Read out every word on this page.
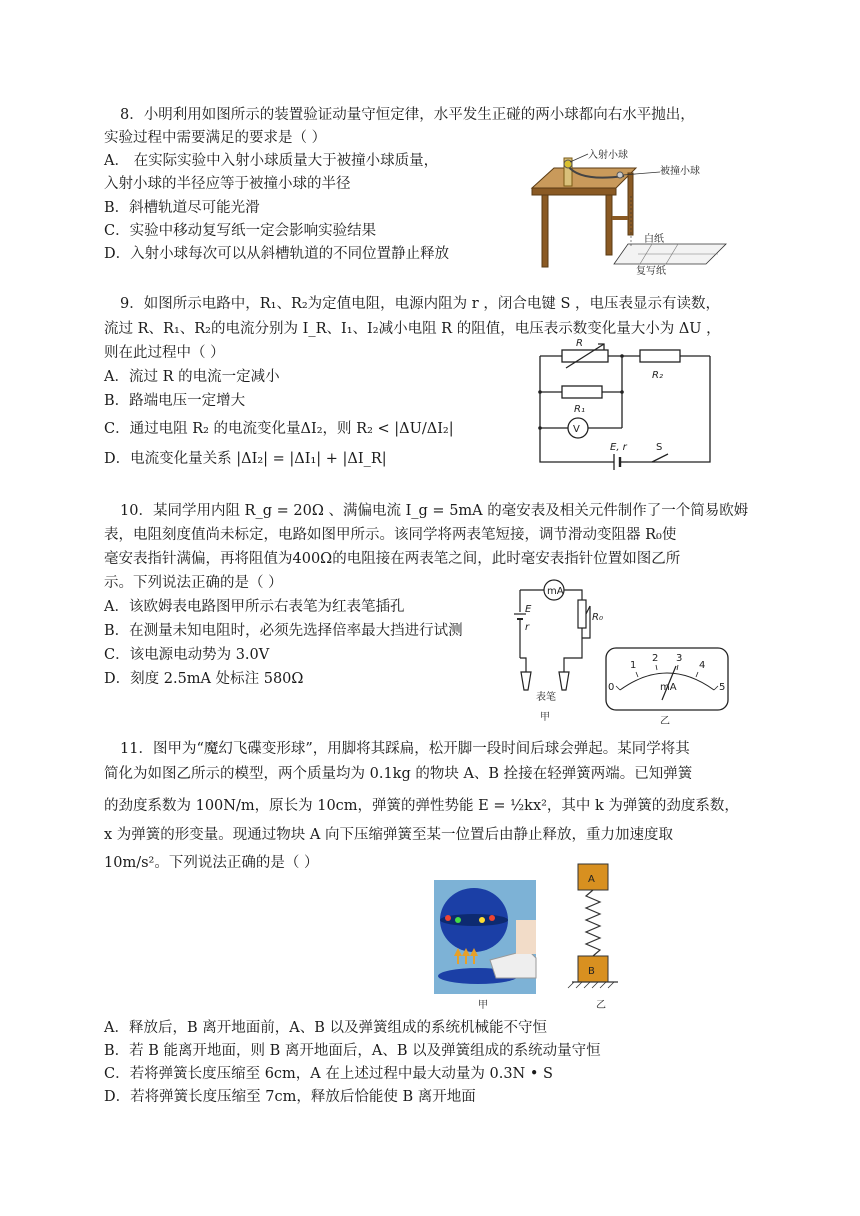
8．小明利用如图所示的装置验证动量守恒定律，水平发生正碰的两小球都向右水平抛出，
实验过程中需要满足的要求是（ ）
A． 在实际实验中入射小球质量大于被撞小球质量，
入射小球的半径应等于被撞小球的半径
B．斜槽轨道尽可能光滑
C．实验中移动复写纸一定会影响实验结果
D．入射小球每次可以从斜槽轨道的不同位置静止释放
入射小球
被撞小球
白纸
复写纸
9．如图所示电路中，R₁、R₂为定值电阻，电源内阻为 r ，闭合电键 S ，电压表显示有读数，
流过 R、R₁、R₂的电流分别为 I_R、I₁、I₂减小电阻 R 的阻值，电压表示数变化量大小为 ΔU ，
则在此过程中（ ）
A．流过 R 的电流一定减小
B．路端电压一定增大
C．通过电阻 R₂ 的电流变化量ΔI₂，则 R₂ < |ΔU/ΔI₂|
D．电流变化量关系 |ΔI₂| = |ΔI₁| + |ΔI_R|
R
R₂
R₁
V
E, r	S
10．某同学用内阻 R_g = 20Ω 、满偏电流 I_g = 5mA 的毫安表及相关元件制作了一个简易欧姆
表，电阻刻度值尚未标定，电路如图甲所示。该同学将两表笔短接，调节滑动变阻器 R₀使
毫安表指针满偏，再将阻值为400Ω的电阻接在两表笔之间，此时毫安表指针位置如图乙所
示。下列说法正确的是（ ）
A．该欧姆表电路图甲所示右表笔为红表笔插孔
B．在测量未知电阻时，必须先选择倍率最大挡进行试测
C．该电源电动势为 3.0V
D．刻度 2.5mA 处标注 580Ω
mA
E
r
R₀
表笔
甲
0
1
2 3
4
5
mA
乙
11．图甲为“魔幻飞碟变形球”，用脚将其踩扁，松开脚一段时间后球会弹起。某同学将其
简化为如图乙所示的模型，两个质量均为 0.1kg 的物块 A、B 拴接在轻弹簧两端。已知弹簧
的劲度系数为 100N/m，原长为 10cm，弹簧的弹性势能 E = ½kx²，其中 k 为弹簧的劲度系数，
x 为弹簧的形变量。现通过物块 A 向下压缩弹簧至某一位置后由静止释放，重力加速度取
10m/s²。下列说法正确的是（ ）
甲
A
B
乙
A．释放后，B 离开地面前，A、B 以及弹簧组成的系统机械能不守恒
B．若 B 能离开地面，则 B 离开地面后，A、B 以及弹簧组成的系统动量守恒
C．若将弹簧长度压缩至 6cm，A 在上述过程中最大动量为 0.3N • S
D．若将弹簧长度压缩至 7cm，释放后恰能使 B 离开地面
